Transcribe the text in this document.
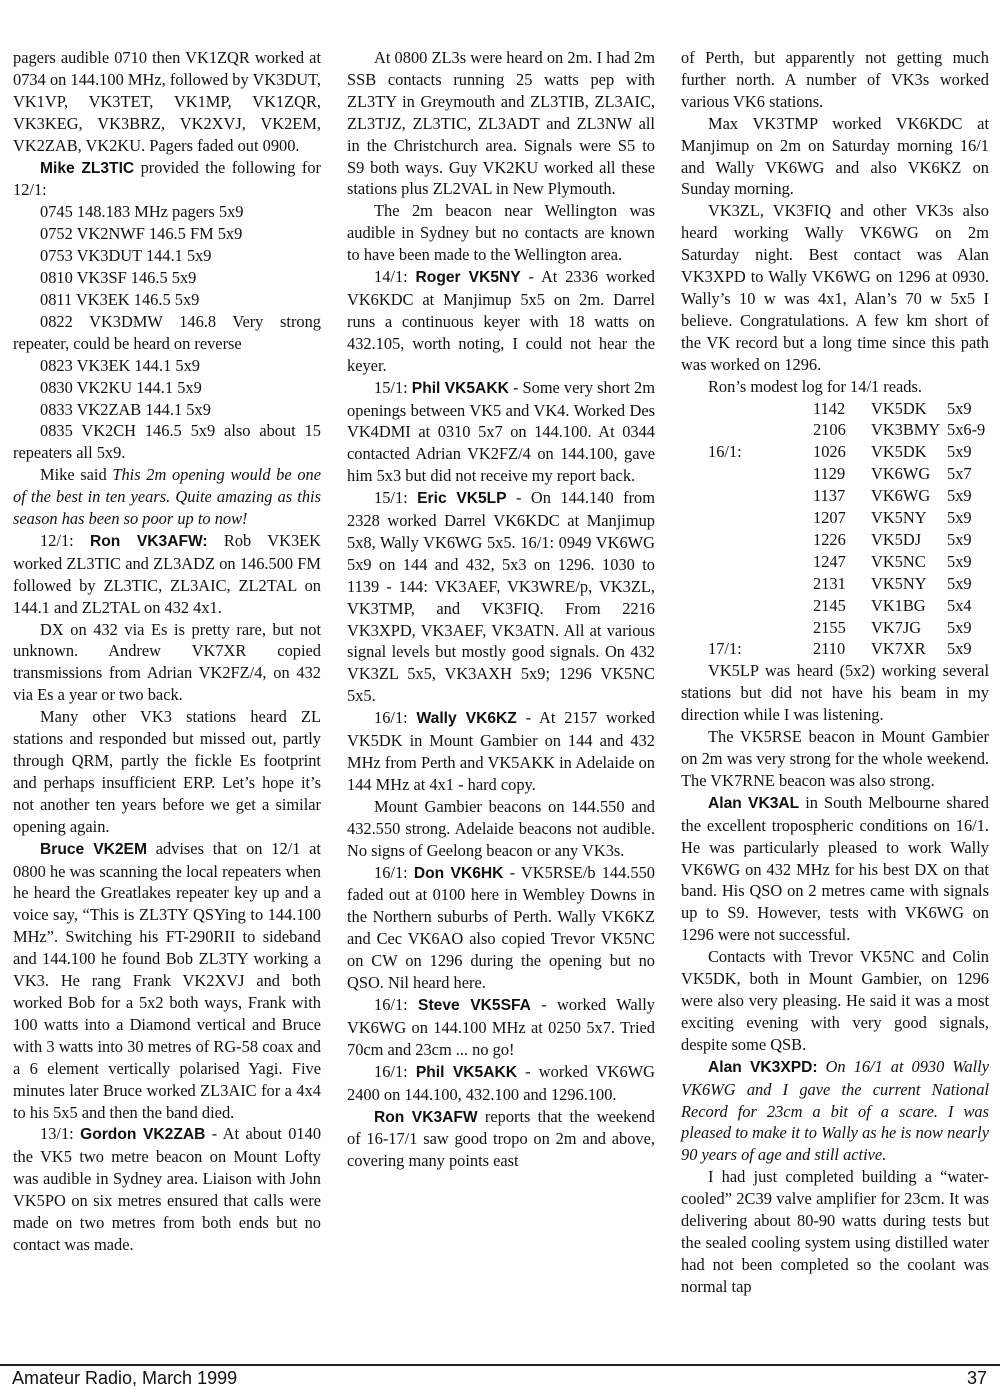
pagers audible 0710 then VK1ZQR worked at 0734 on 144.100 MHz, followed by VK3DUT, VK1VP, VK3TET, VK1MP, VK1ZQR, VK3KEG, VK3BRZ, VK2XVJ, VK2EM, VK2ZAB, VK2KU. Pagers faded out 0900.

Mike ZL3TIC provided the following for 12/1:

0745 148.183 MHz pagers 5x9

0752 VK2NWF 146.5 FM 5x9

0753 VK3DUT 144.1 5x9

0810 VK3SF 146.5 5x9

0811 VK3EK 146.5 5x9

0822 VK3DMW 146.8 Very strong repeater, could be heard on reverse

0823 VK3EK 144.1 5x9

0830 VK2KU 144.1 5x9

0833 VK2ZAB 144.1 5x9

0835 VK2CH 146.5 5x9 also about 15 repeaters all 5x9.

Mike said This 2m opening would be one of the best in ten years. Quite amazing as this season has been so poor up to now!

12/1: Ron VK3AFW: Rob VK3EK worked ZL3TIC and ZL3ADZ on 146.500 FM followed by ZL3TIC, ZL3AIC, ZL2TAL on 144.1 and ZL2TAL on 432 4x1.

DX on 432 via Es is pretty rare, but not unknown. Andrew VK7XR copied transmissions from Adrian VK2FZ/4, on 432 via Es a year or two back.

Many other VK3 stations heard ZL stations and responded but missed out, partly through QRM, partly the fickle Es footprint and perhaps insufficient ERP. Let’s hope it’s not another ten years before we get a similar opening again.

Bruce VK2EM advises that on 12/1 at 0800 he was scanning the local repeaters when he heard the Greatlakes repeater key up and a voice say, “This is ZL3TY QSYing to 144.100 MHz”. Switching his FT-290RII to sideband and 144.100 he found Bob ZL3TY working a VK3. He rang Frank VK2XVJ and both worked Bob for a 5x2 both ways, Frank with 100 watts into a Diamond vertical and Bruce with 3 watts into 30 metres of RG-58 coax and a 6 element vertically polarised Yagi. Five minutes later Bruce worked ZL3AIC for a 4x4 to his 5x5 and then the band died.

13/1: Gordon VK2ZAB - At about 0140 the VK5 two metre beacon on Mount Lofty was audible in Sydney area. Liaison with John VK5PO on six metres ensured that calls were made on two metres from both ends but no contact was made.

At 0800 ZL3s were heard on 2m. I had 2m SSB contacts running 25 watts pep with ZL3TY in Greymouth and ZL3TIB, ZL3AIC, ZL3TJZ, ZL3TIC, ZL3ADT and ZL3NW all in the Christchurch area. Signals were S5 to S9 both ways. Guy VK2KU worked all these stations plus ZL2VAL in New Plymouth.

The 2m beacon near Wellington was audible in Sydney but no contacts are known to have been made to the Wellington area.

14/1: Roger VK5NY - At 2336 worked VK6KDC at Manjimup 5x5 on 2m. Darrel runs a continuous keyer with 18 watts on 432.105, worth noting, I could not hear the keyer.

15/1: Phil VK5AKK - Some very short 2m openings between VK5 and VK4. Worked Des VK4DMI at 0310 5x7 on 144.100. At 0344 contacted Adrian VK2FZ/4 on 144.100, gave him 5x3 but did not receive my report back.

15/1: Eric VK5LP - On 144.140 from 2328 worked Darrel VK6KDC at Manjimup 5x8, Wally VK6WG 5x5. 16/1: 0949 VK6WG 5x9 on 144 and 432, 5x3 on 1296. 1030 to 1139 - 144: VK3AEF, VK3WRE/p, VK3ZL, VK3TMP, and VK3FIQ. From 2216 VK3XPD, VK3AEF, VK3ATN. All at various signal levels but mostly good signals. On 432 VK3ZL 5x5, VK3AXH 5x9; 1296 VK5NC 5x5.

16/1: Wally VK6KZ - At 2157 worked VK5DK in Mount Gambier on 144 and 432 MHz from Perth and VK5AKK in Adelaide on 144 MHz at 4x1 - hard copy.

Mount Gambier beacons on 144.550 and 432.550 strong. Adelaide beacons not audible. No signs of Geelong beacon or any VK3s.

16/1: Don VK6HK - VK5RSE/b 144.550 faded out at 0100 here in Wembley Downs in the Northern suburbs of Perth. Wally VK6KZ and Cec VK6AO also copied Trevor VK5NC on CW on 1296 during the opening but no QSO. Nil heard here.

16/1: Steve VK5SFA - worked Wally VK6WG on 144.100 MHz at 0250 5x7. Tried 70cm and 23cm ... no go!

16/1: Phil VK5AKK - worked VK6WG 2400 on 144.100, 432.100 and 1296.100.

Ron VK3AFW reports that the weekend of 16-17/1 saw good tropo on 2m and above, covering many points east

of Perth, but apparently not getting much further north. A number of VK3s worked various VK6 stations.

Max VK3TMP worked VK6KDC at Manjimup on 2m on Saturday morning 16/1 and Wally VK6WG and also VK6KZ on Sunday morning.

VK3ZL, VK3FIQ and other VK3s also heard working Wally VK6WG on 2m Saturday night. Best contact was Alan VK3XPD to Wally VK6WG on 1296 at 0930. Wally’s 10 w was 4x1, Alan’s 70 w 5x5 I believe. Congratulations. A few km short of the VK record but a long time since this path was worked on 1296.

Ron’s modest log for 14/1 reads.

	1142	VK5DK	5x9
	2106	VK3BMY	5x6-9
16/1:	1026	VK5DK	5x9
	1129	VK6WG	5x7
	1137	VK6WG	5x9
	1207	VK5NY	5x9
	1226	VK5DJ	5x9
	1247	VK5NC	5x9
	2131	VK5NY	5x9
	2145	VK1BG	5x4
	2155	VK7JG	5x9
17/1:	2110	VK7XR	5x9

VK5LP was heard (5x2) working several stations but did not have his beam in my direction while I was listening.

The VK5RSE beacon in Mount Gambier on 2m was very strong for the whole weekend. The VK7RNE beacon was also strong.

Alan VK3AL in South Melbourne shared the excellent tropospheric conditions on 16/1. He was particularly pleased to work Wally VK6WG on 432 MHz for his best DX on that band. His QSO on 2 metres came with signals up to S9. However, tests with VK6WG on 1296 were not successful.

Contacts with Trevor VK5NC and Colin VK5DK, both in Mount Gambier, on 1296 were also very pleasing. He said it was a most exciting evening with very good signals, despite some QSB.

Alan VK3XPD: On 16/1 at 0930 Wally VK6WG and I gave the current National Record for 23cm a bit of a scare. I was pleased to make it to Wally as he is now nearly 90 years of age and still active.

I had just completed building a “water-cooled” 2C39 valve amplifier for 23cm. It was delivering about 80-90 watts during tests but the sealed cooling system using distilled water had not been completed so the coolant was normal tap

Amateur Radio, March 1999	37
